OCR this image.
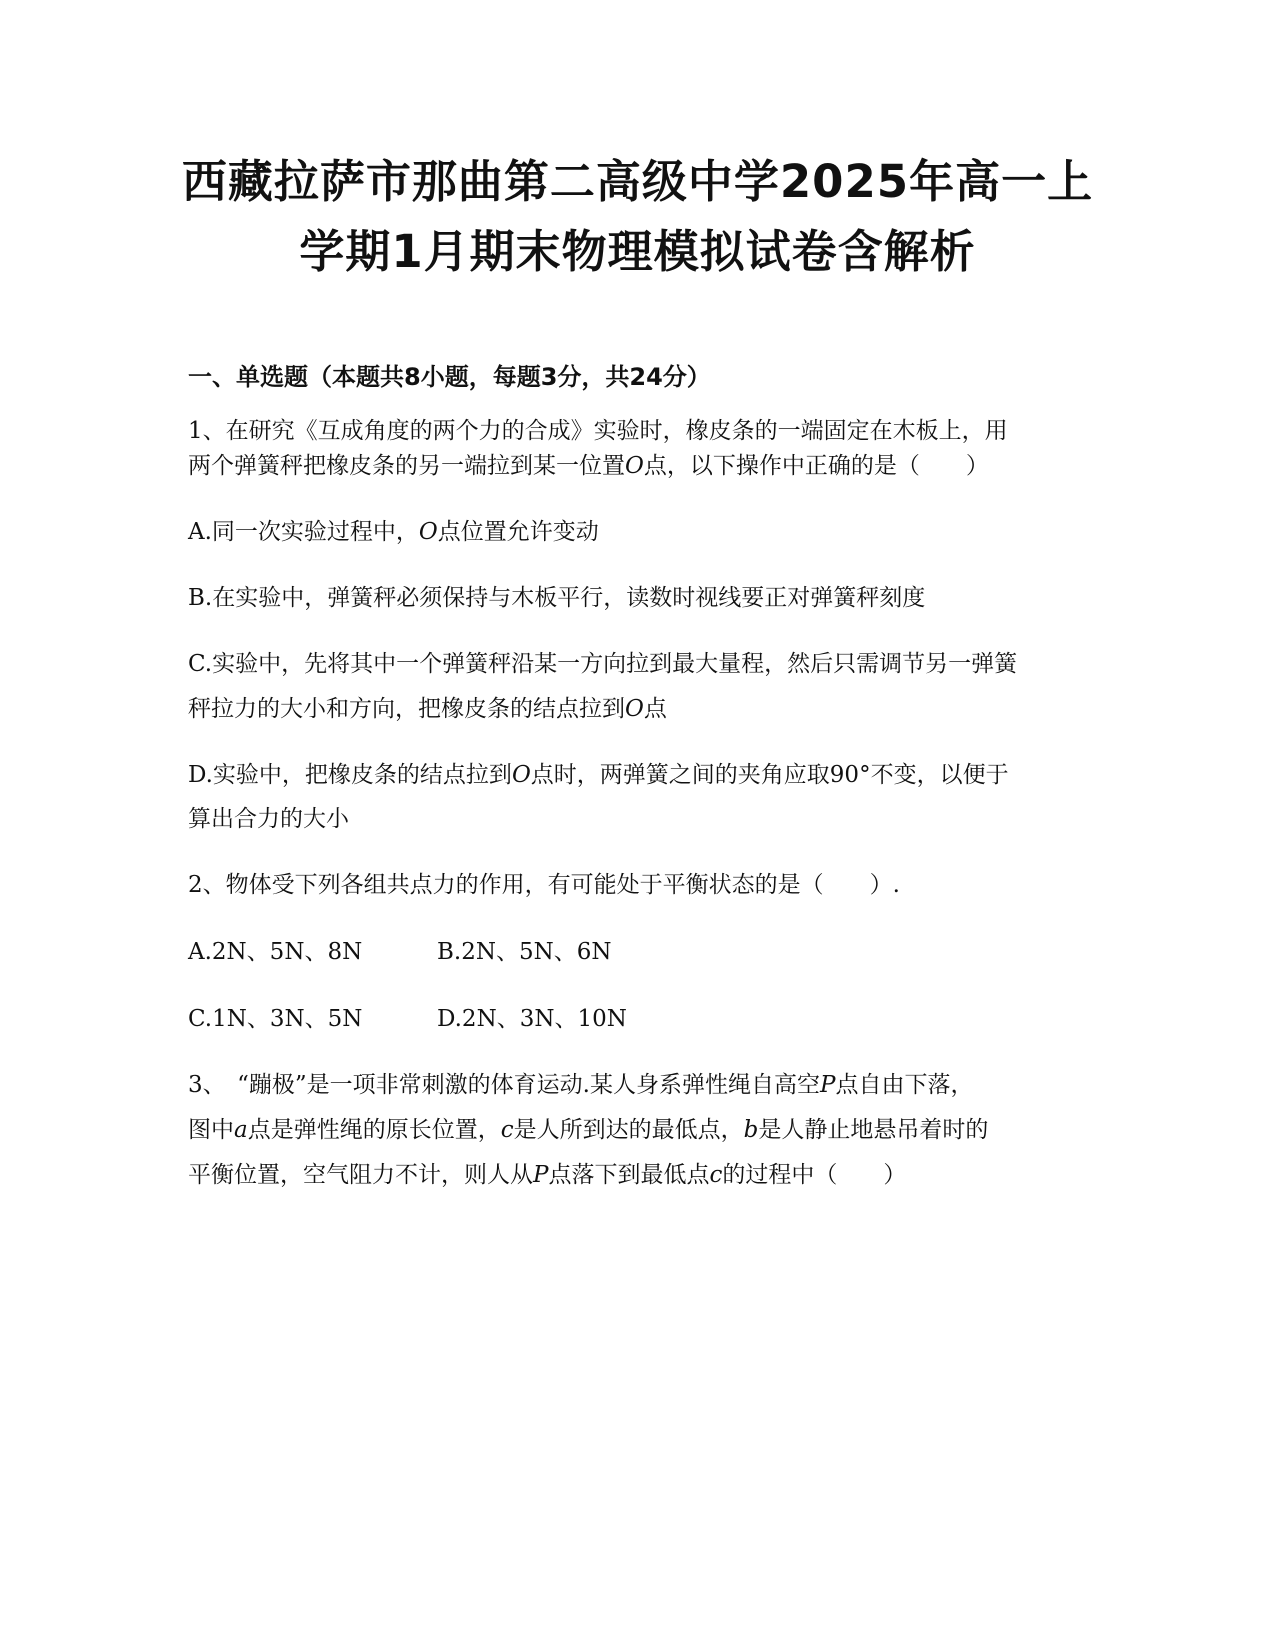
西藏拉萨市那曲第二高级中学2025年高一上
学期1月期末物理模拟试卷含解析
一、单选题（本题共8小题，每题3分，共24分）

1、在研究《互成角度的两个力的合成》实验时，橡皮条的一端固定在木板上，用

两个弹簧秤把橡皮条的另一端拉到某一位置O点，以下操作中正确的是（　　）

A.同一次实验过程中，O点位置允许变动

B.在实验中，弹簧秤必须保持与木板平行，读数时视线要正对弹簧秤刻度

C.实验中，先将其中一个弹簧秤沿某一方向拉到最大量程，然后只需调节另一弹簧

秤拉力的大小和方向，把橡皮条的结点拉到O点

D.实验中，把橡皮条的结点拉到O点时，两弹簧之间的夹角应取90°不变，以便于

算出合力的大小

2、物体受下列各组共点力的作用，有可能处于平衡状态的是（　　）.

A.2N、5N、8N	B.2N、5N、6N

C.1N、3N、5N	D.2N、3N、10N

3、　“蹦极”是一项非常刺激的体育运动.某人身系弹性绳自高空P点自由下落，

图中a点是弹性绳的原长位置，c是人所到达的最低点，b是人静止地悬吊着时的

平衡位置，空气阻力不计，则人从P点落下到最低点c的过程中（　　）
